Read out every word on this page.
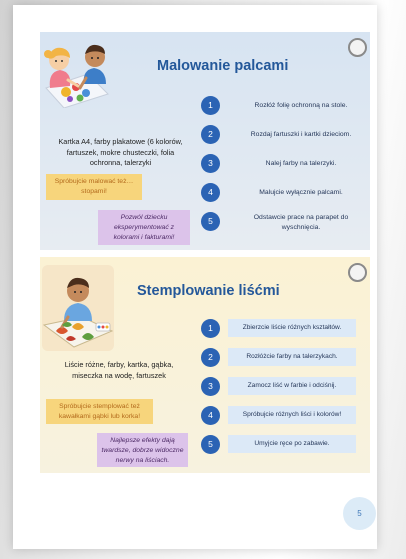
Malowanie palcami
Kartka A4, farby plakatowe (6 kolorów, fartuszek, mokre chusteczki, folia ochronna, talerzyki
Spróbujcie malować też… stopami!
Pozwól dziecku eksperymentować z kolorami i fakturami!
1	Rozłóż folię ochronną na stole.
2	Rozdaj fartuszki i kartki dzieciom.
3	Nalej farby na talerzyki.
4	Malujcie wyłącznie palcami.
5	Odstawcie prace na parapet do wyschnięcia.
Stemplowanie liśćmi
Liście różne, farby, kartka, gąbka, miseczka na wodę, fartuszek
Spróbujcie stemplować też kawałkami gąbki lub korka!
Najlepsze efekty dają twardsze, dobrze widoczne nerwy na liściach.
1	Zbierzcie liście różnych kształtów.
2	Rozłóżcie farby na talerzykach.
3	Zamocz liść w farbie i odciśnij.
4	Spróbujcie różnych liści i kolorów!
5	Umyjcie ręce po zabawie.
5
